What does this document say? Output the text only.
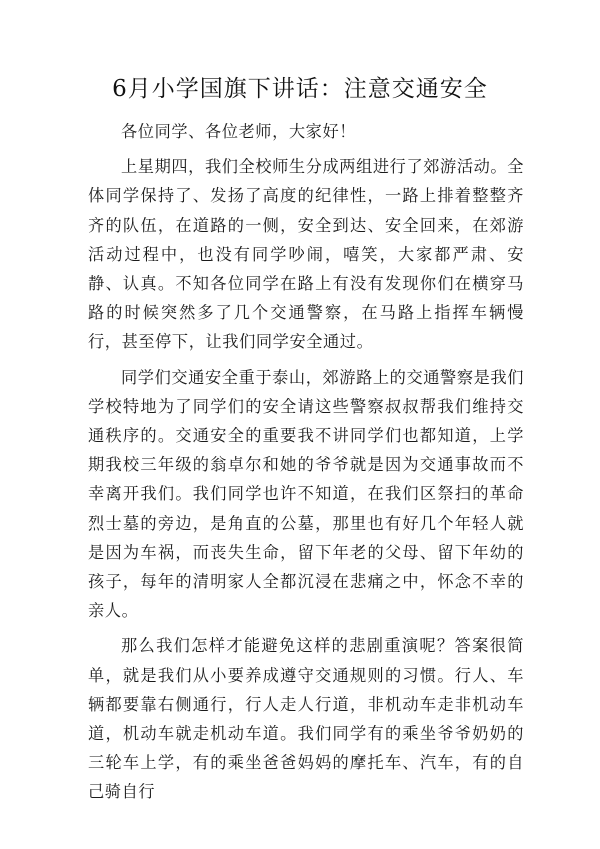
6月小学国旗下讲话：注意交通安全

各位同学、各位老师，大家好！

上星期四，我们全校师生分成两组进行了郊游活动。全体同学保持了、发扬了高度的纪律性，一路上排着整整齐齐的队伍，在道路的一侧，安全到达、安全回来，在郊游活动过程中，也没有同学吵闹，嘻笑，大家都严肃、安静、认真。不知各位同学在路上有没有发现你们在横穿马路的时候突然多了几个交通警察，在马路上指挥车辆慢行，甚至停下，让我们同学安全通过。

同学们交通安全重于泰山，郊游路上的交通警察是我们学校特地为了同学们的安全请这些警察叔叔帮我们维持交通秩序的。交通安全的重要我不讲同学们也都知道，上学期我校三年级的翁卓尔和她的爷爷就是因为交通事故而不幸离开我们。我们同学也许不知道，在我们区祭扫的革命烈士墓的旁边，是角直的公墓，那里也有好几个年轻人就是因为车祸，而丧失生命，留下年老的父母、留下年幼的孩子，每年的清明家人全都沉浸在悲痛之中，怀念不幸的亲人。

那么我们怎样才能避免这样的悲剧重演呢？答案很简单，就是我们从小要养成遵守交通规则的习惯。行人、车辆都要靠右侧通行，行人走人行道，非机动车走非机动车道，机动车就走机动车道。我们同学有的乘坐爷爷奶奶的三轮车上学，有的乘坐爸爸妈妈的摩托车、汽车，有的自己骑自行
